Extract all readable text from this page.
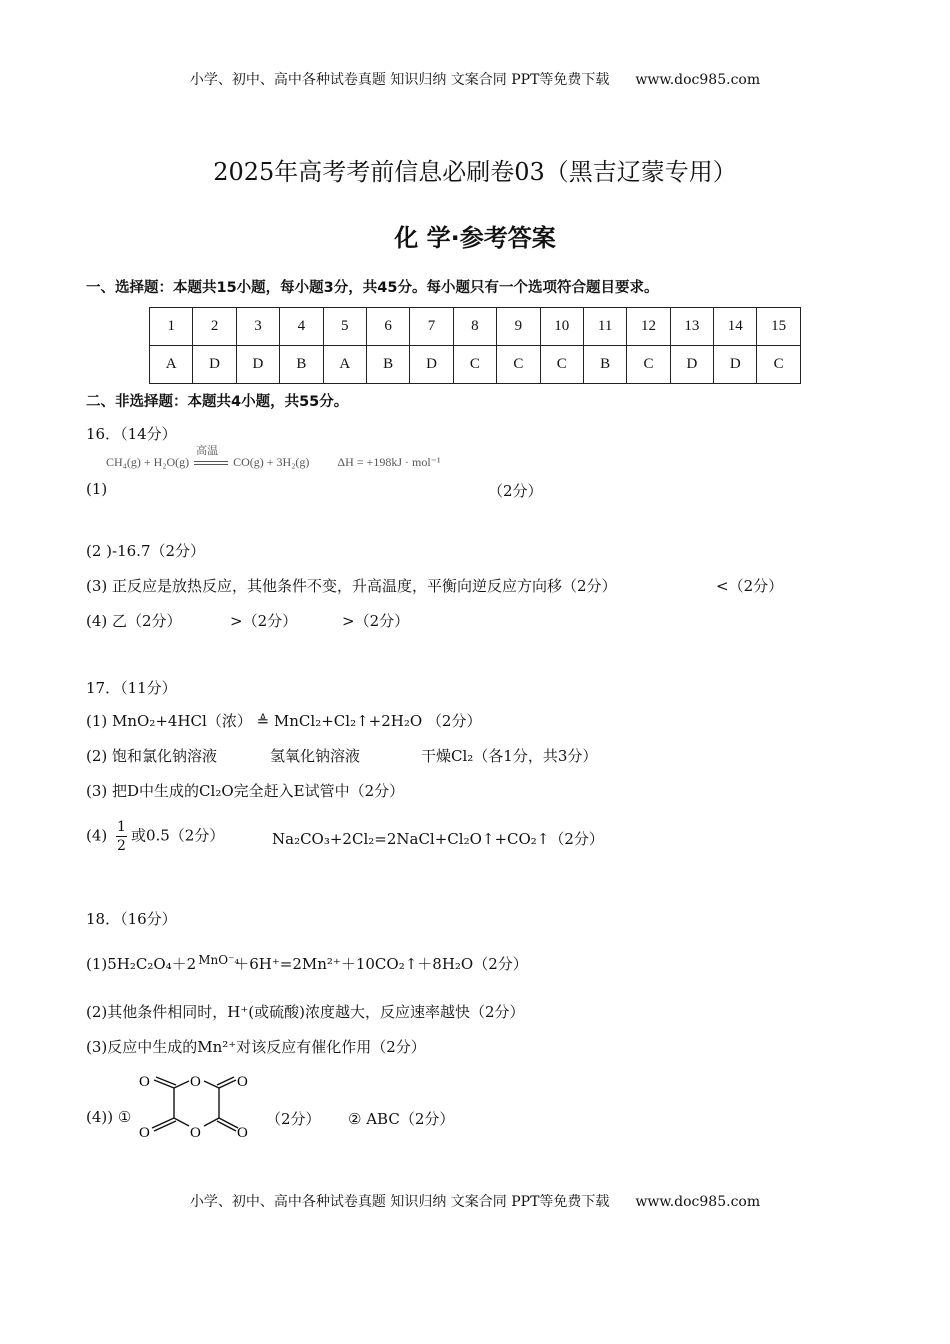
小学、初中、高中各种试卷真题 知识归纳 文案合同 PPT等免费下载 www.doc985.com
2025年高考考前信息必刷卷03（黑吉辽蒙专用）
化 学·参考答案
一、选择题：本题共15小题，每小题3分，共45分。每小题只有一个选项符合题目要求。
1	2	3	4	5	6	7	8	9	10	11	12	13	14	15
A	D	D	B	A	B	D	C	C	C	B	C	D	D	C
二、非选择题：本题共4小题，共55分。
16．（14分）
(1)
CH₄(g) + H₂O(g)
高温
CO(g) + 3H₂(g) ΔH = +198kJ · mol⁻¹
（2分）
(2 )-16.7（2分）
(3) 正反应是放热反应，其他条件不变，升高温度，平衡向逆反应方向移（2分）	<（2分）
(4) 乙（2分）	>（2分）	>（2分）
17．（11分）
(1) MnO₂+4HCl（浓） ≜ MnCl₂+Cl₂↑+2H₂O （2分）
(2) 饱和氯化钠溶液	氢氧化钠溶液	干燥Cl₂（各1分，共3分）
(3) 把D中生成的Cl₂O完全赶入E试管中（2分）
$(4) \frac{1}{2}$ 或0.5（2分）	Na₂CO₃+2Cl₂=2NaCl+Cl₂O↑+CO₂↑（2分）
18．（16分）
(1)5H₂C₂O₄＋2 MnO⁻₄
＋6H⁺=2Mn²⁺＋10CO₂↑＋8H₂O（2分）
(2)其他条件相同时，H⁺(或硫酸)浓度越大，反应速率越快（2分）
(3)反应中生成的Mn²⁺对该反应有催化作用（2分）
(4)) ①
O	O O
O	O O
（2分） ② ABC（2分）
小学、初中、高中各种试卷真题 知识归纳 文案合同 PPT等免费下载 www.doc985.com
